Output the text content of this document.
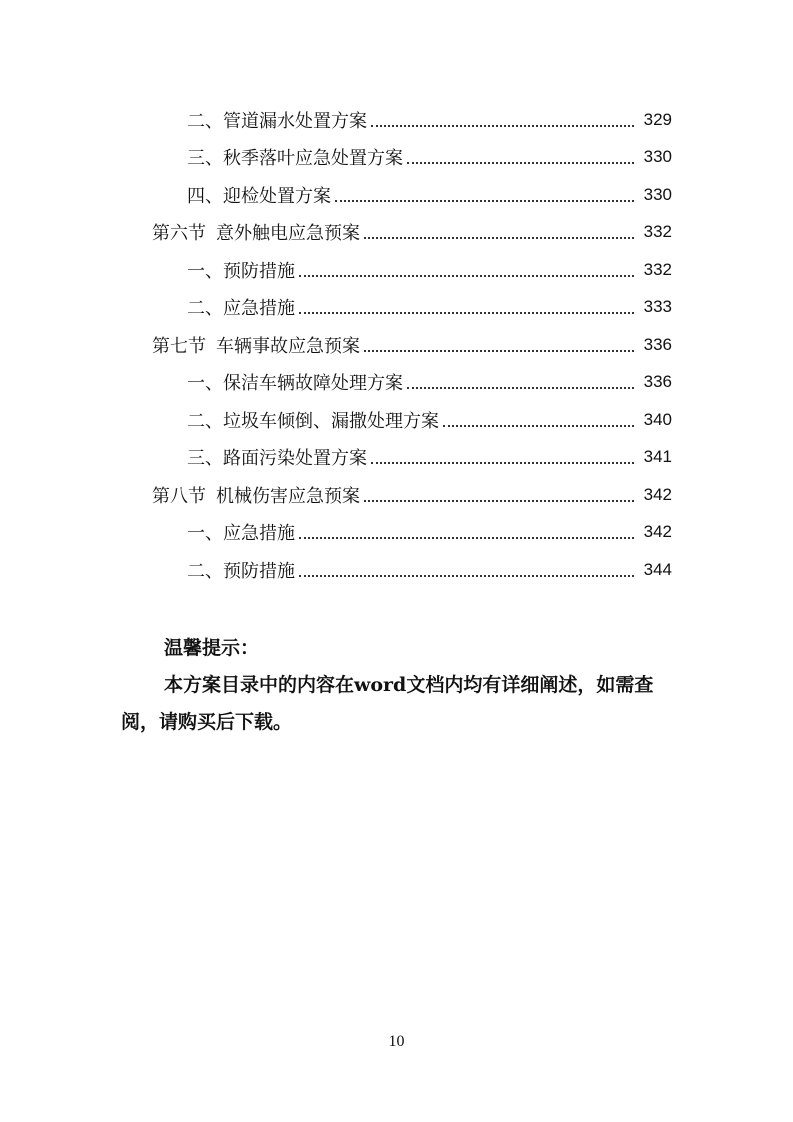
二、管道漏水处置方案	329
三、秋季落叶应急处置方案	330
四、迎检处置方案	330
第六节 意外触电应急预案	332
一、预防措施	332
二、应急措施	333
第七节 车辆事故应急预案	336
一、保洁车辆故障处理方案	336
二、垃圾车倾倒、漏撒处理方案	340
三、路面污染处置方案	341
第八节 机械伤害应急预案	342
一、应急措施	342
二、预防措施	344
温馨提示：
本方案目录中的内容在word文档内均有详细阐述，如需查阅，请购买后下载。
10
